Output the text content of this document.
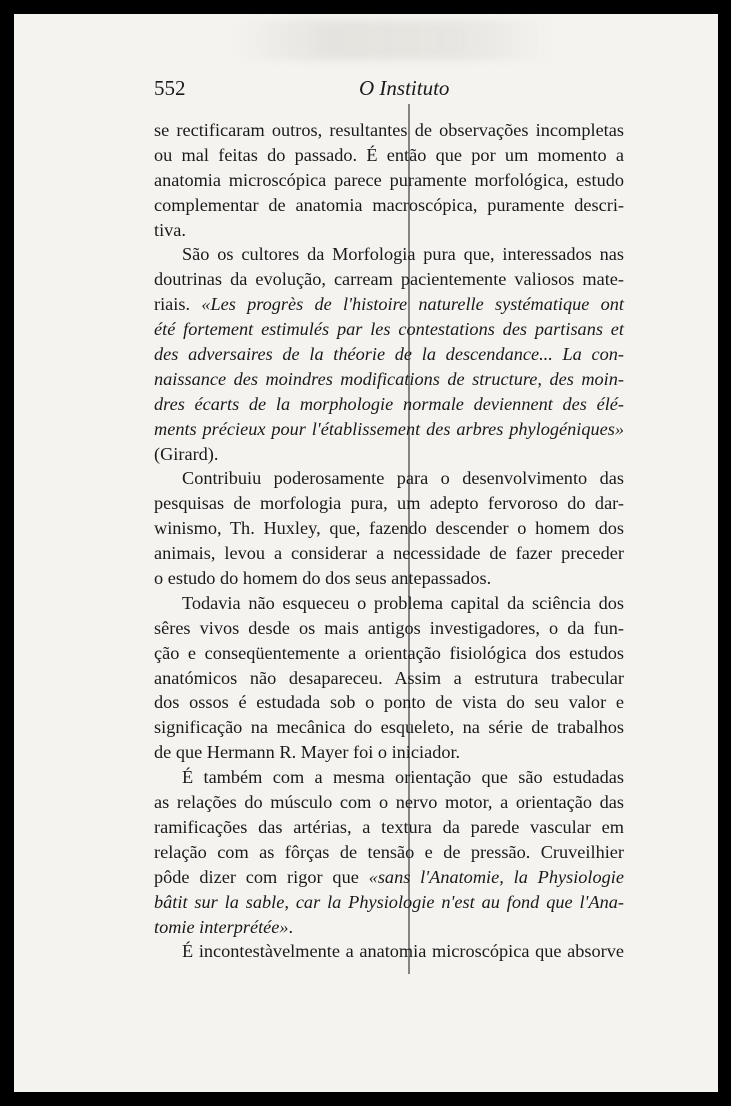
552	O Instituto
se rectificaram outros, resultantes de observações incompletas
ou mal feitas do passado. É então que por um momento a
anatomia microscópica parece puramente morfológica, estudo
complementar de anatomia macroscópica, puramente descri-
tiva.
São os cultores da Morfologia pura que, interessados nas
doutrinas da evolução, carream pacientemente valiosos mate-
riais. «Les progrès de l'histoire naturelle systématique ont
été fortement estimulés par les contestations des partisans et
des adversaires de la théorie de la descendance... La con-
naissance des moindres modifications de structure, des moin-
dres écarts de la morphologie normale deviennent des élé-
ments précieux pour l'établissement des arbres phylogéniques»
(Girard).
Contribuiu poderosamente para o desenvolvimento das
pesquisas de morfologia pura, um adepto fervoroso do dar-
winismo, Th. Huxley, que, fazendo descender o homem dos
animais, levou a considerar a necessidade de fazer preceder
o estudo do homem do dos seus antepassados.
Todavia não esqueceu o problema capital da sciência dos
sêres vivos desde os mais antigos investigadores, o da fun-
ção e conseqüentemente a orientação fisiológica dos estudos
anatómicos não desapareceu. Assim a estrutura trabecular
dos ossos é estudada sob o ponto de vista do seu valor e
significação na mecânica do esqueleto, na série de trabalhos
de que Hermann R. Mayer foi o iniciador.
É também com a mesma orientação que são estudadas
as relações do músculo com o nervo motor, a orientação das
ramificações das artérias, a textura da parede vascular em
relação com as fôrças de tensão e de pressão. Cruveilhier
pôde dizer com rigor que «sans l'Anatomie, la Physiologie
bâtit sur la sable, car la Physiologie n'est au fond que l'Ana-
tomie interprétée».
É incontestàvelmente a anatomia microscópica que absorve
